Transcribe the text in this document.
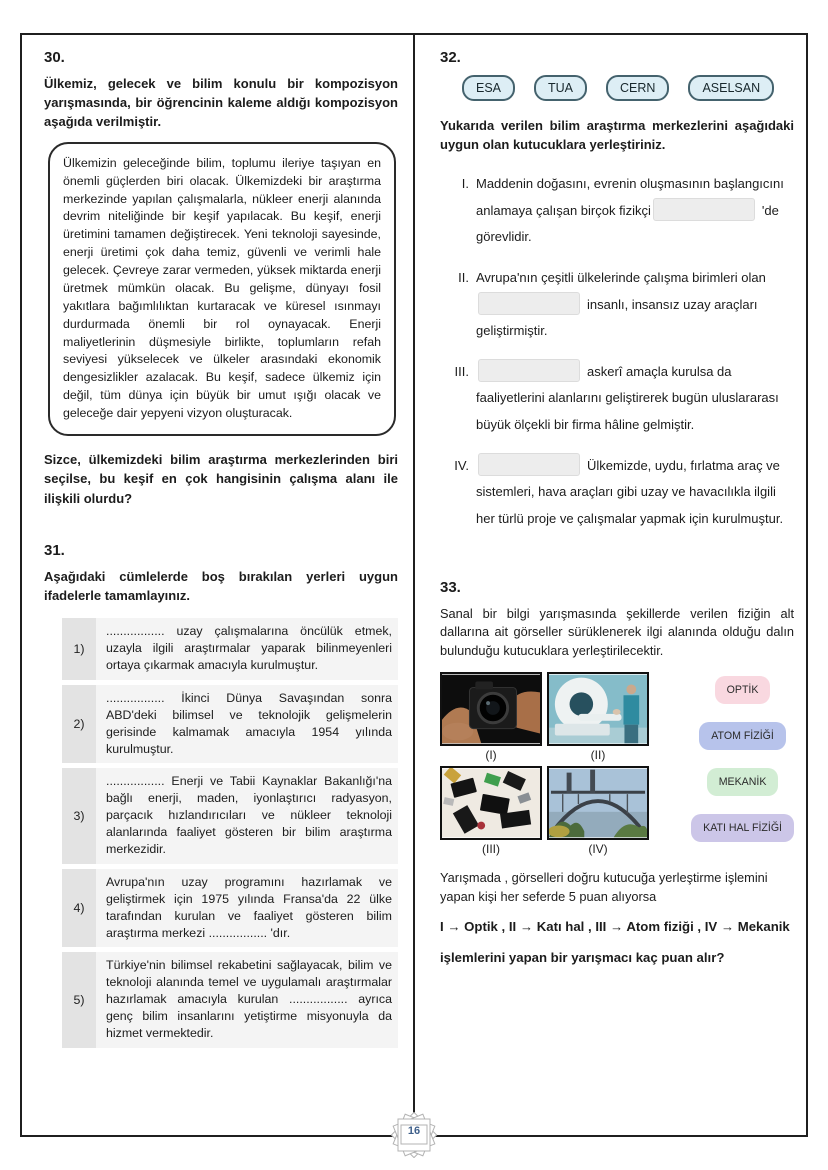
30.

Ülkemiz, gelecek ve bilim konulu bir kompozisyon yarışmasında, bir öğrencinin kaleme aldığı kompozisyon aşağıda verilmiştir.

Ülkemizin geleceğinde bilim, toplumu ileriye taşıyan en önemli güçlerden biri olacak. Ülkemizdeki bir araştırma merkezinde yapılan çalışmalarla, nükleer enerji alanında devrim niteliğinde bir keşif yapılacak. Bu keşif, enerji üretimini tamamen değiştirecek. Yeni teknoloji sayesinde, enerji üretimi çok daha temiz, güvenli ve verimli hale gelecek. Çevreye zarar vermeden, yüksek miktarda enerji üretmek mümkün olacak. Bu gelişme, dünyayı fosil yakıtlara bağımlılıktan kurtaracak ve küresel ısınmayı durdurmada önemli bir rol oynayacak. Enerji maliyetlerinin düşmesiyle birlikte, toplumların refah seviyesi yükselecek ve ülkeler arasındaki ekonomik dengesizlikler azalacak. Bu keşif, sadece ülkemiz için değil, tüm dünya için büyük bir umut ışığı olacak ve geleceğe dair yepyeni vizyon oluşturacak.

Sizce, ülkemizdeki bilim araştırma merkezlerinden biri seçilse, bu keşif en çok hangisinin çalışma alanı ile ilişkili olurdu?

31.

Aşağıdaki cümlelerde boş bırakılan yerleri uygun ifadelerle tamamlayınız.

1)
................. uzay çalışmalarına öncülük etmek, uzayla ilgili araştırmalar yaparak bilinmeyenleri ortaya çıkarmak amacıyla kurulmuştur.
2)
................. İkinci Dünya Savaşından sonra ABD'deki bilimsel ve teknolojik gelişmelerin gerisinde kalmamak amacıyla 1954 yılında kurulmuştur.
3)
................. Enerji ve Tabii Kaynaklar Bakanlığı'na bağlı enerji, maden, iyonlaştırıcı radyasyon, parçacık hızlandırıcıları ve nükleer teknoloji alanlarında faaliyet gösteren bir bilim araştırma merkezidir.
4)
Avrupa'nın uzay programını hazırlamak ve geliştirmek için 1975 yılında Fransa'da 22 ülke tarafından kurulan ve faaliyet gösteren bilim araştırma merkezi ................. 'dır.
5)
Türkiye'nin bilimsel rekabetini sağlayacak, bilim ve teknoloji alanında temel ve uygulamalı araştırmalar hazırlamak amacıyla kurulan ................. ayrıca genç bilim insanlarını yetiştirme misyonuyla da hizmet vermektedir.

32.

ESA	TUA	CERN	ASELSAN

Yukarıda verilen bilim araştırma merkezlerini aşağıdaki uygun olan kutucuklara yerleştiriniz.

I. Maddenin doğasını, evrenin oluşmasının başlangıcını anlamaya çalışan birçok fizikçi	'de görevlidir.
II. Avrupa'nın çeşitli ülkelerinde çalışma birimleri olan insanlı, insansız uzay araçları geliştirmiştir.
III.	askerî amaçla kurulsa da faaliyetlerini alanlarını geliştirerek bugün uluslararası büyük ölçekli bir firma hâline gelmiştir.
IV.	Ülkemizde, uydu, fırlatma araç ve sistemleri, hava araçları gibi uzay ve havacılıkla ilgili her türlü proje ve çalışmalar yapmak için kurulmuştur.

33.

Sanal bir bilgi yarışmasında şekillerde verilen fiziğin alt dallarına ait görseller sürüklenerek ilgi alanında olduğu dalın bulunduğu kutucuklara yerleştirilecektir.

(I)	(II)
(III)	(IV)
OPTİK
ATOM FİZİĞİ
MEKANİK
KATI HAL FİZİĞİ

Yarışmada , görselleri doğru kutucuğa yerleştirme işlemini yapan kişi her seferde 5 puan alıyorsa

I → Optik , II → Katı hal , III → Atom fiziği , IV → Mekanik

işlemlerini yapan bir yarışmacı kaç puan alır?

16
